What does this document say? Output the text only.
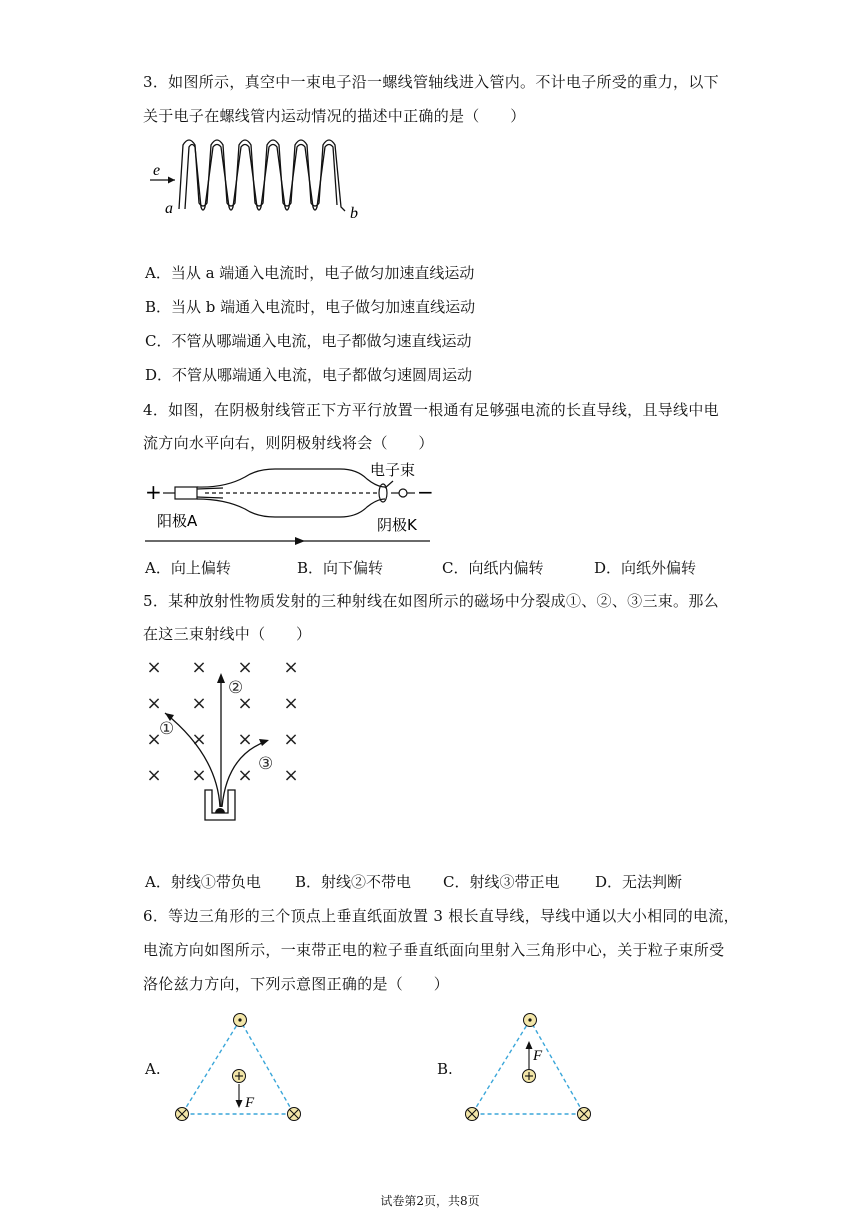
3．如图所示，真空中一束电子沿一螺线管轴线进入管内。不计电子所受的重力，以下
关于电子在螺线管内运动情况的描述中正确的是（　　）
e
a	b
A．当从 a 端通入电流时，电子做匀加速直线运动
B．当从 b 端通入电流时，电子做匀加速直线运动
C．不管从哪端通入电流，电子都做匀速直线运动
D．不管从哪端通入电流，电子都做匀速圆周运动
4．如图，在阴极射线管正下方平行放置一根通有足够强电流的长直导线，且导线中电
流方向水平向右，则阴极射线将会（　　）
+	−
电子束
阳极A	阴极K
A．向上偏转	B．向下偏转	C．向纸内偏转	D．向纸外偏转
5．某种放射性物质发射的三种射线在如图所示的磁场中分裂成①、②、③三束。那么
在这三束射线中（　　）
× × × ×
× × × ×
× × × ×
× × × ×
①
②
③
A．射线①带负电 B．射线②不带电 C．射线③带正电 D．无法判断
6．等边三角形的三个顶点上垂直纸面放置 3 根长直导线，导线中通以大小相同的电流，
电流方向如图所示，一束带正电的粒子垂直纸面向里射入三角形中心，关于粒子束所受
洛伦兹力方向，下列示意图正确的是（　　）
A.
F
B.
F
试卷第2页，共8页
